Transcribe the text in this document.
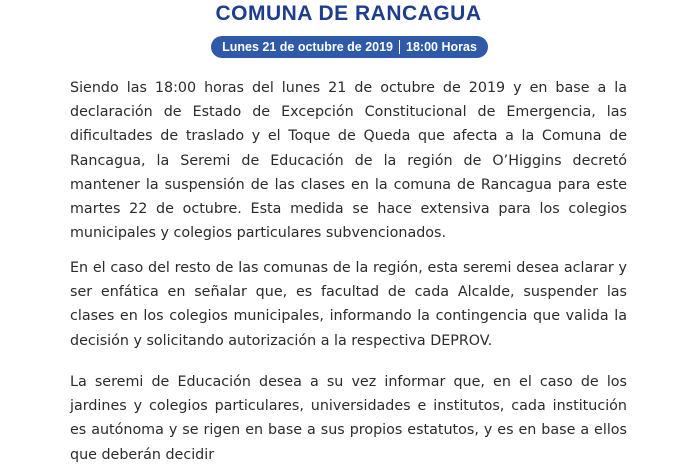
COMUNA DE RANCAGUA
Lunes 21 de octubre de 2019 18:00 Horas

Siendo las 18:00 horas del lunes 21 de octubre de 2019 y en base a la declaración de Estado de Excepción Constitucional de Emergencia, las dificultades de traslado y el Toque de Queda que afecta a la Comuna de Rancagua, la Seremi de Educación de la región de O’Higgins decretó mantener la suspensión de las clases en la comuna de Rancagua para este martes 22 de octubre. Esta medida se hace extensiva para los colegios municipales y colegios particulares subvencionados.

En el caso del resto de las comunas de la región, esta seremi desea aclarar y ser enfática en señalar que, es facultad de cada Alcalde, suspender las clases en los colegios municipales, informando la contingencia que valida la decisión y solicitando autorización a la respectiva DEPROV.

La seremi de Educación desea a su vez informar que, en el caso de los jardines y colegios particulares, universidades e institutos, cada institución es autónoma y se rigen en base a sus propios estatutos, y es en base a ellos que deberán decidir
